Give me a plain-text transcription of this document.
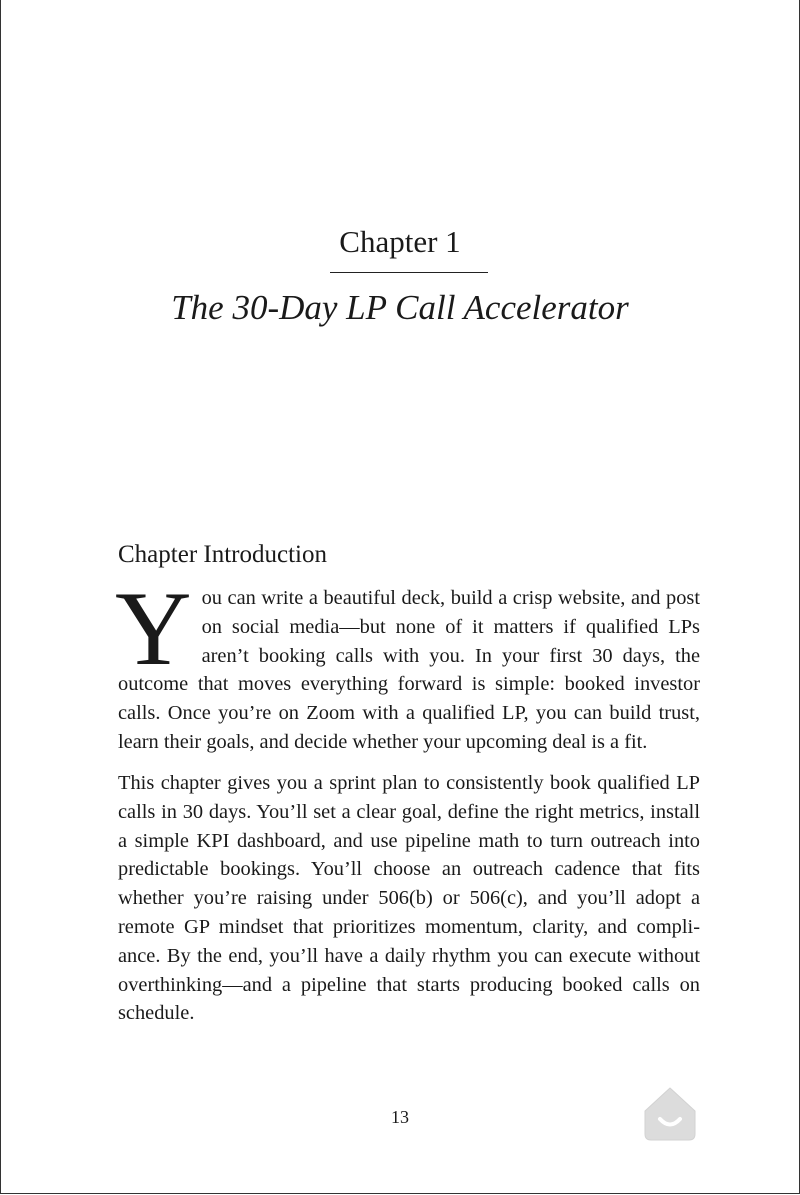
Chapter 1
The 30-Day LP Call Accelerator
Chapter Introduction
You can write a beautiful deck, build a crisp website, and post on social media—but none of it matters if qualified LPs aren’t booking calls with you. In your first 30 days, the outcome that moves everything forward is simple: booked investor calls. Once you’re on Zoom with a qualified LP, you can build trust, learn their goals, and decide whether your upcoming deal is a fit.
This chapter gives you a sprint plan to consistently book qualified LP calls in 30 days. You’ll set a clear goal, define the right metrics, install a simple KPI dashboard, and use pipeline math to turn outreach into predictable bookings. You’ll choose an outreach cadence that fits whether you’re raising under 506(b) or 506(c), and you’ll adopt a remote GP mindset that prioritizes momentum, clarity, and compliance. By the end, you’ll have a daily rhythm you can execute without overthinking—and a pipeline that starts producing booked calls on schedule.
13
